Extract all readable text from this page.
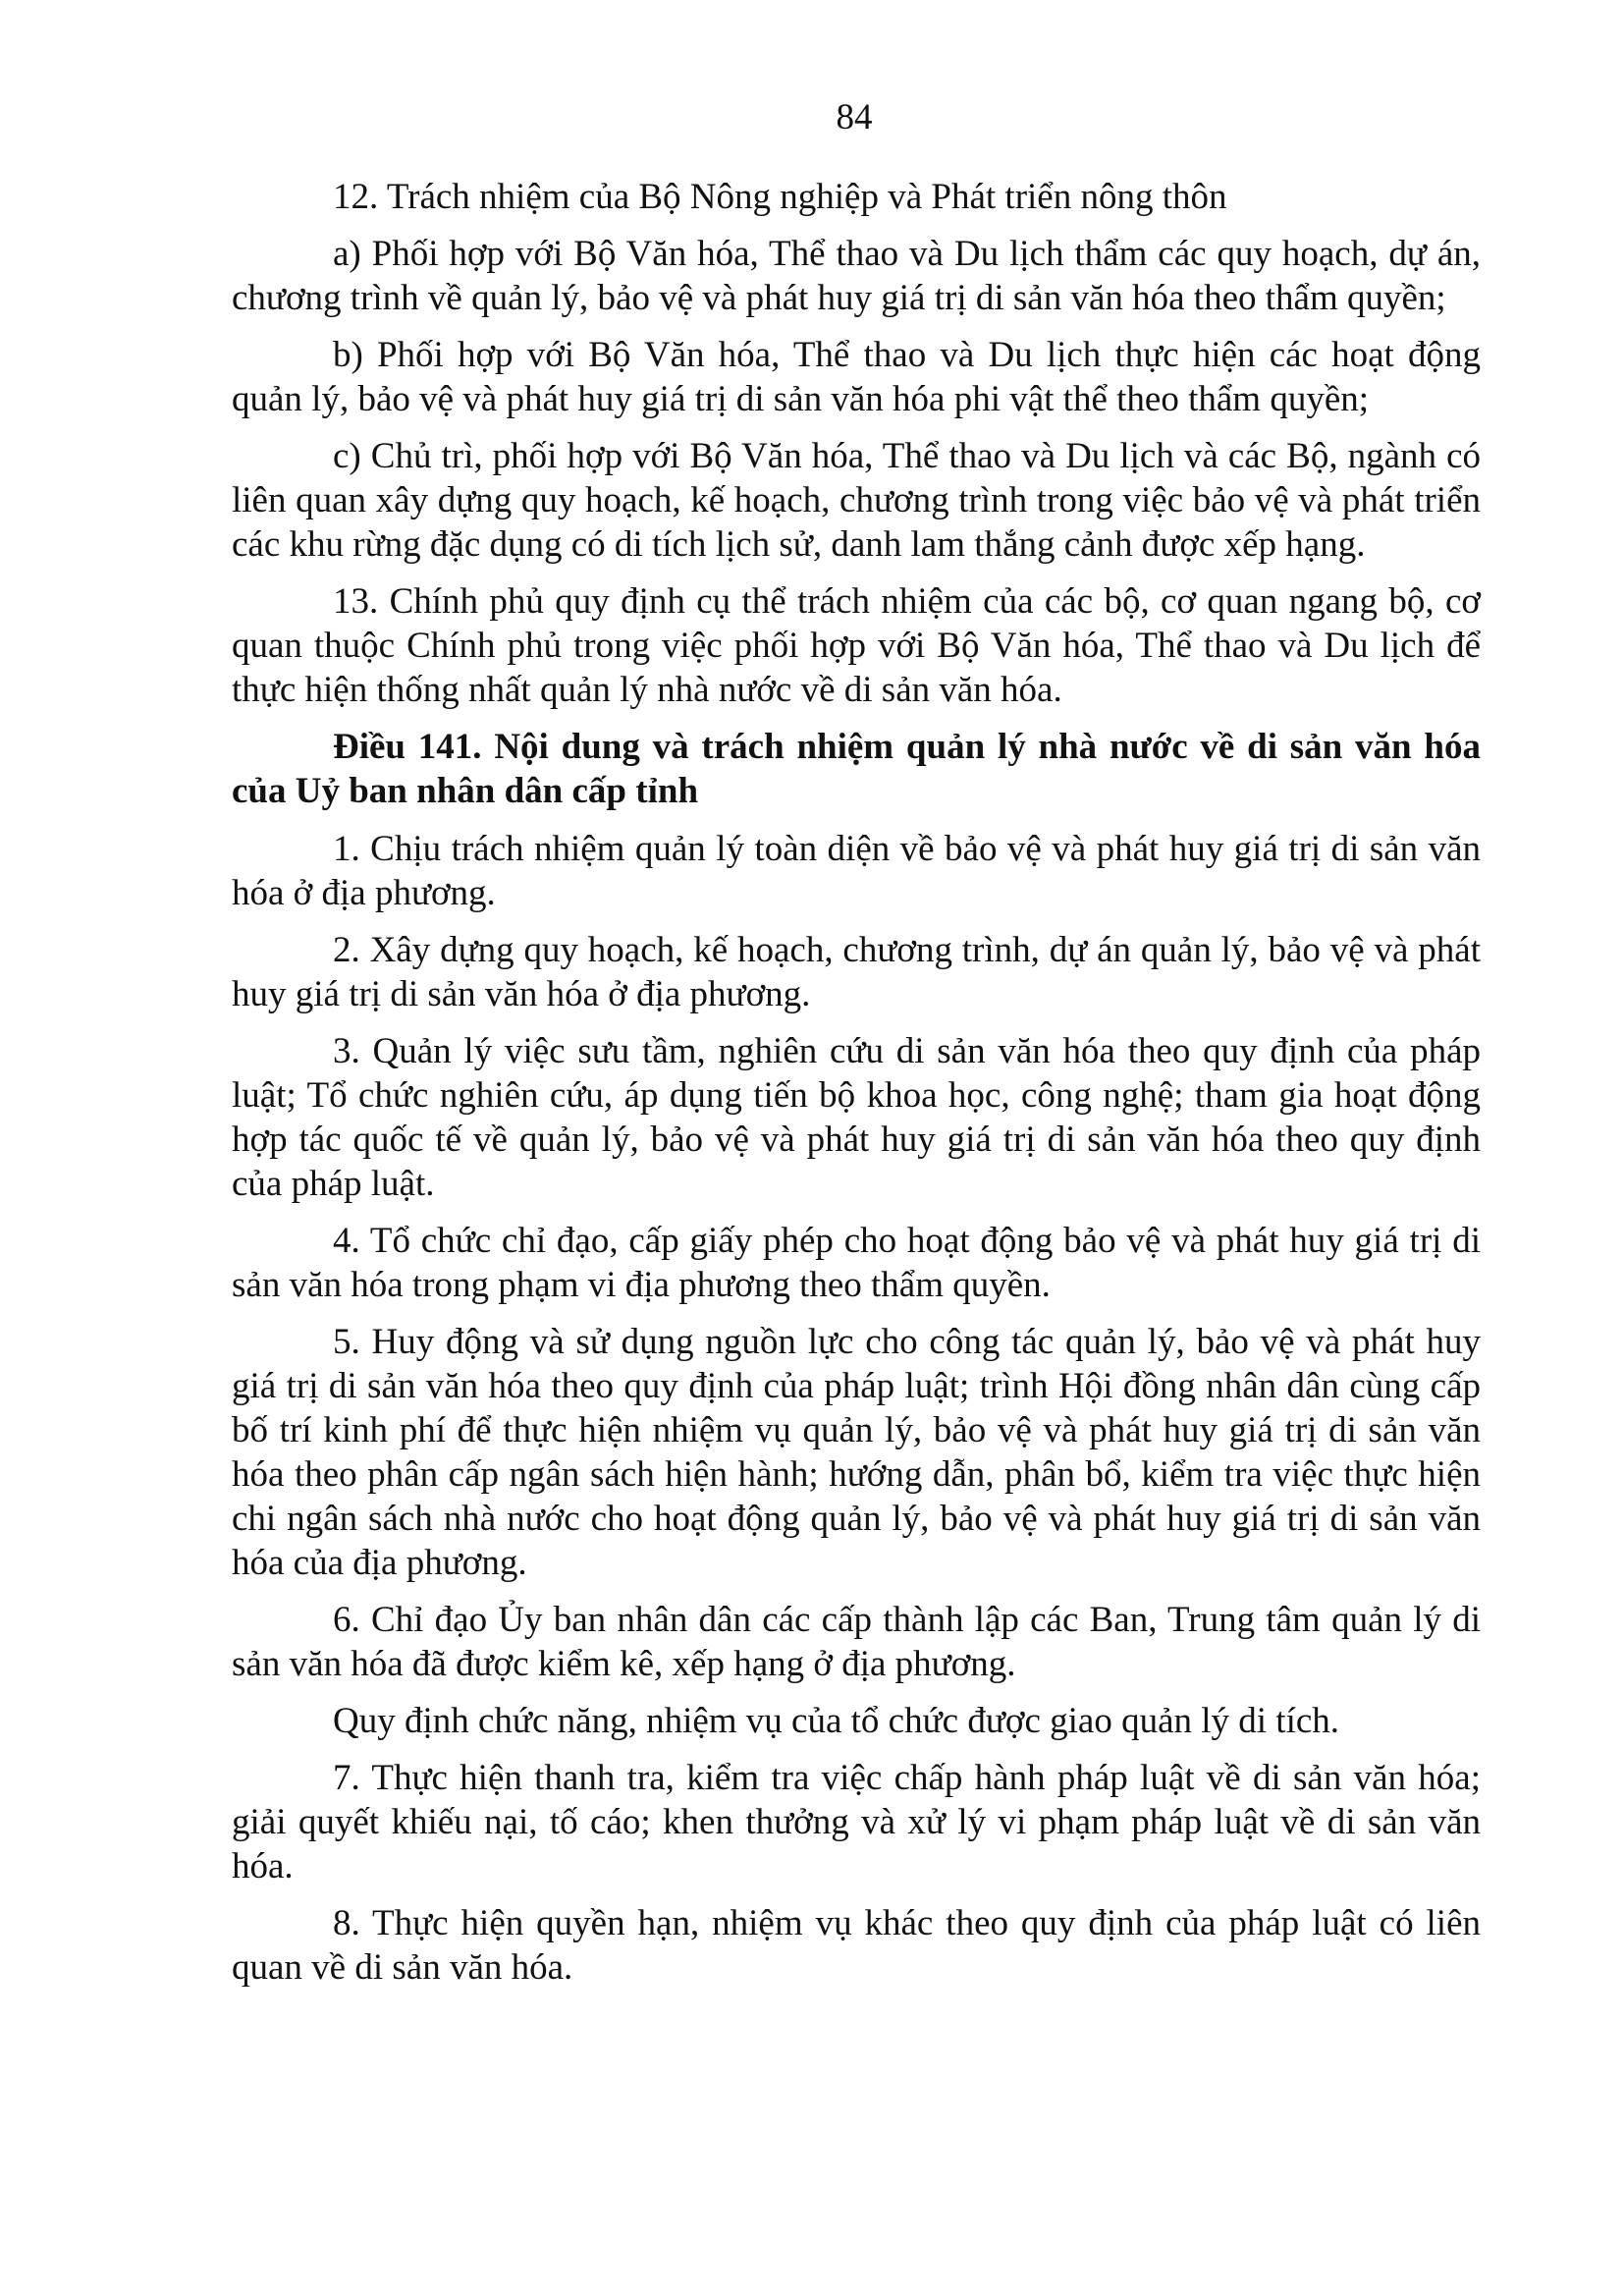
84

12. Trách nhiệm của Bộ Nông nghiệp và Phát triển nông thôn

a) Phối hợp với Bộ Văn hóa, Thể thao và Du lịch thẩm các quy hoạch, dự án, chương trình về quản lý, bảo vệ và phát huy giá trị di sản văn hóa theo thẩm quyền;

b) Phối hợp với Bộ Văn hóa, Thể thao và Du lịch thực hiện các hoạt động quản lý, bảo vệ và phát huy giá trị di sản văn hóa phi vật thể theo thẩm quyền;

c) Chủ trì, phối hợp với Bộ Văn hóa, Thể thao và Du lịch và các Bộ, ngành có liên quan xây dựng quy hoạch, kế hoạch, chương trình trong việc bảo vệ và phát triển các khu rừng đặc dụng có di tích lịch sử, danh lam thắng cảnh được xếp hạng.

13. Chính phủ quy định cụ thể trách nhiệm của các bộ, cơ quan ngang bộ, cơ quan thuộc Chính phủ trong việc phối hợp với Bộ Văn hóa, Thể thao và Du lịch để thực hiện thống nhất quản lý nhà nước về di sản văn hóa.

Điều 141. Nội dung và trách nhiệm quản lý nhà nước về di sản văn hóa của Uỷ ban nhân dân cấp tỉnh

1. Chịu trách nhiệm quản lý toàn diện về bảo vệ và phát huy giá trị di sản văn hóa ở địa phương.

2. Xây dựng quy hoạch, kế hoạch, chương trình, dự án quản lý, bảo vệ và phát huy giá trị di sản văn hóa ở địa phương.

3. Quản lý việc sưu tầm, nghiên cứu di sản văn hóa theo quy định của pháp luật; Tổ chức nghiên cứu, áp dụng tiến bộ khoa học, công nghệ; tham gia hoạt động hợp tác quốc tế về quản lý, bảo vệ và phát huy giá trị di sản văn hóa theo quy định của pháp luật.

4. Tổ chức chỉ đạo, cấp giấy phép cho hoạt động bảo vệ và phát huy giá trị di sản văn hóa trong phạm vi địa phương theo thẩm quyền.

5. Huy động và sử dụng nguồn lực cho công tác quản lý, bảo vệ và phát huy giá trị di sản văn hóa theo quy định của pháp luật; trình Hội đồng nhân dân cùng cấp bố trí kinh phí để thực hiện nhiệm vụ quản lý, bảo vệ và phát huy giá trị di sản văn hóa theo phân cấp ngân sách hiện hành; hướng dẫn, phân bổ, kiểm tra việc thực hiện chi ngân sách nhà nước cho hoạt động quản lý, bảo vệ và phát huy giá trị di sản văn hóa của địa phương.

6. Chỉ đạo Ủy ban nhân dân các cấp thành lập các Ban, Trung tâm quản lý di sản văn hóa đã được kiểm kê, xếp hạng ở địa phương.

Quy định chức năng, nhiệm vụ của tổ chức được giao quản lý di tích.

7. Thực hiện thanh tra, kiểm tra việc chấp hành pháp luật về di sản văn hóa; giải quyết khiếu nại, tố cáo; khen thưởng và xử lý vi phạm pháp luật về di sản văn hóa.

8. Thực hiện quyền hạn, nhiệm vụ khác theo quy định của pháp luật có liên quan về di sản văn hóa.
